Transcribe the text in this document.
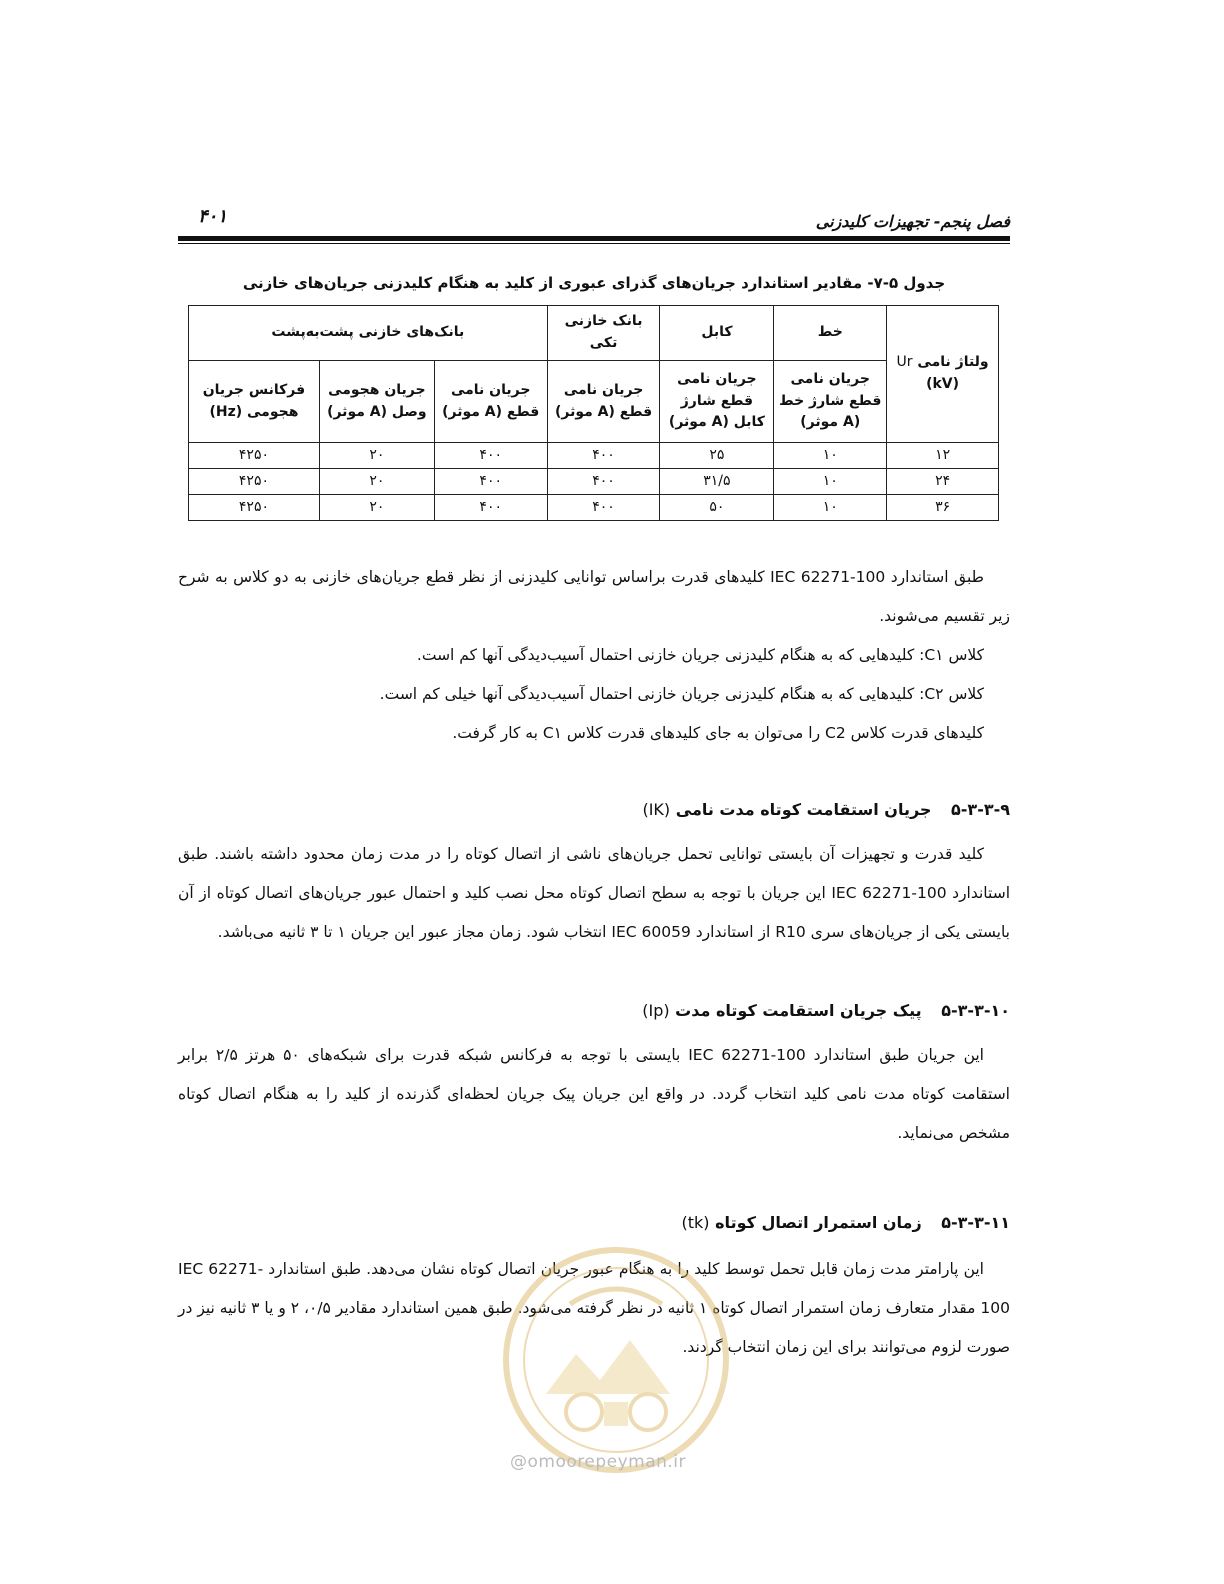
فصل پنجم- تجهیزات کلیدزنی
۴۰۱
جدول ۵-۷- مقادیر استاندارد جریان‌های گذرای عبوری از کلید به هنگام کلیدزنی جریان‌های خازنی
ولتاژ نامی Ur
(kV)	خط	کابل	بانک خازنی تکی	بانک‌های خازنی پشت‌به‌پشت		
	جریان نامی قطع شارژ خط (A موثر)	جریان نامی قطع شارژ کابل (A موثر)	جریان نامی قطع (A موثر)	جریان نامی قطع (A موثر)	جریان هجومی وصل (A موثر)	فرکانس جریان هجومی (Hz)
۱۲	۱۰	۲۵	۴۰۰	۴۰۰	۲۰	۴۲۵۰
۲۴	۱۰	۳۱/۵	۴۰۰	۴۰۰	۲۰	۴۲۵۰
۳۶	۱۰	۵۰	۴۰۰	۴۰۰	۲۰	۴۲۵۰

طبق استاندارد IEC 62271-100 کلیدهای قدرت براساس توانایی کلیدزنی از نظر قطع جریان‌های خازنی به دو کلاس به شرح زیر تقسیم می‌شوند.

کلاس C۱: کلیدهایی که به هنگام کلیدزنی جریان خازنی احتمال آسیب‌دیدگی آنها کم است.

کلاس C۲: کلیدهایی که به هنگام کلیدزنی جریان خازنی احتمال آسیب‌دیدگی آنها خیلی کم است.

کلیدهای قدرت کلاس C2 را می‌توان به جای کلیدهای قدرت کلاس C۱ به کار گرفت.

۵-۳-۳-۹ جریان استقامت کوتاه مدت نامی (IK)

کلید قدرت و تجهیزات آن بایستی توانایی تحمل جریان‌های ناشی از اتصال کوتاه را در مدت زمان محدود داشته باشند. طبق استاندارد IEC 62271-100 این جریان با توجه به سطح اتصال کوتاه محل نصب کلید و احتمال عبور جریان‌های اتصال کوتاه از آن بایستی یکی از جریان‌های سری R10 از استاندارد IEC 60059 انتخاب شود. زمان مجاز عبور این جریان ۱ تا ۳ ثانیه می‌باشد.

۵-۳-۳-۱۰ پیک جریان استقامت کوتاه مدت (Ip)

این جریان طبق استاندارد IEC 62271-100 بایستی با توجه به فرکانس شبکه قدرت برای شبکه‌های ۵۰ هرتز ۲/۵ برابر استقامت کوتاه مدت نامی کلید انتخاب گردد. در واقع این جریان پیک جریان لحظه‌ای گذرنده از کلید را به هنگام اتصال کوتاه مشخص می‌نماید.

۵-۳-۳-۱۱ زمان استمرار اتصال کوتاه (tk)

این پارامتر مدت زمان قابل تحمل توسط کلید را به هنگام عبور جریان اتصال کوتاه نشان می‌دهد. طبق استاندارد IEC 62271-100 مقدار متعارف زمان استمرار اتصال کوتاه ۱ ثانیه در نظر گرفته می‌شود. طبق همین استاندارد مقادیر ۰/۵، ۲ و یا ۳ ثانیه نیز در صورت لزوم می‌توانند برای این زمان انتخاب گردند.

@omoorepeyman.ir
